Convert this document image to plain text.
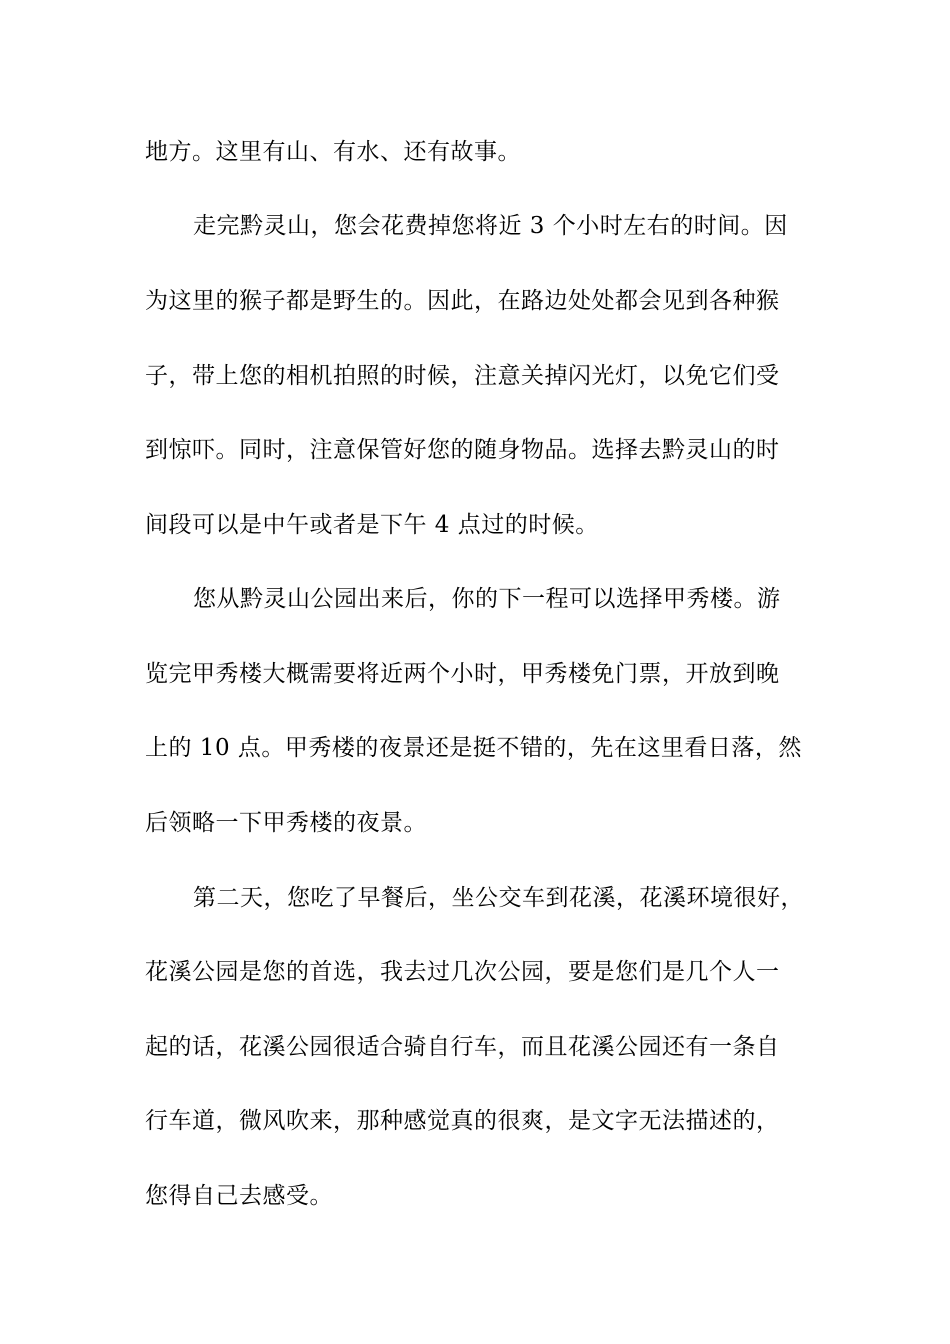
地方。这里有山、有水、还有故事。
走完黔灵山，您会花费掉您将近 3 个小时左右的时间。因
为这里的猴子都是野生的。因此，在路边处处都会见到各种猴
子，带上您的相机拍照的时候，注意关掉闪光灯，以免它们受
到惊吓。同时，注意保管好您的随身物品。选择去黔灵山的时
间段可以是中午或者是下午 4 点过的时候。
您从黔灵山公园出来后，你的下一程可以选择甲秀楼。游
览完甲秀楼大概需要将近两个小时，甲秀楼免门票，开放到晚
上的 10 点。甲秀楼的夜景还是挺不错的，先在这里看日落，然
后领略一下甲秀楼的夜景。
第二天，您吃了早餐后，坐公交车到花溪，花溪环境很好，
花溪公园是您的首选，我去过几次公园，要是您们是几个人一
起的话，花溪公园很适合骑自行车，而且花溪公园还有一条自
行车道，微风吹来，那种感觉真的很爽，是文字无法描述的，
您得自己去感受。
